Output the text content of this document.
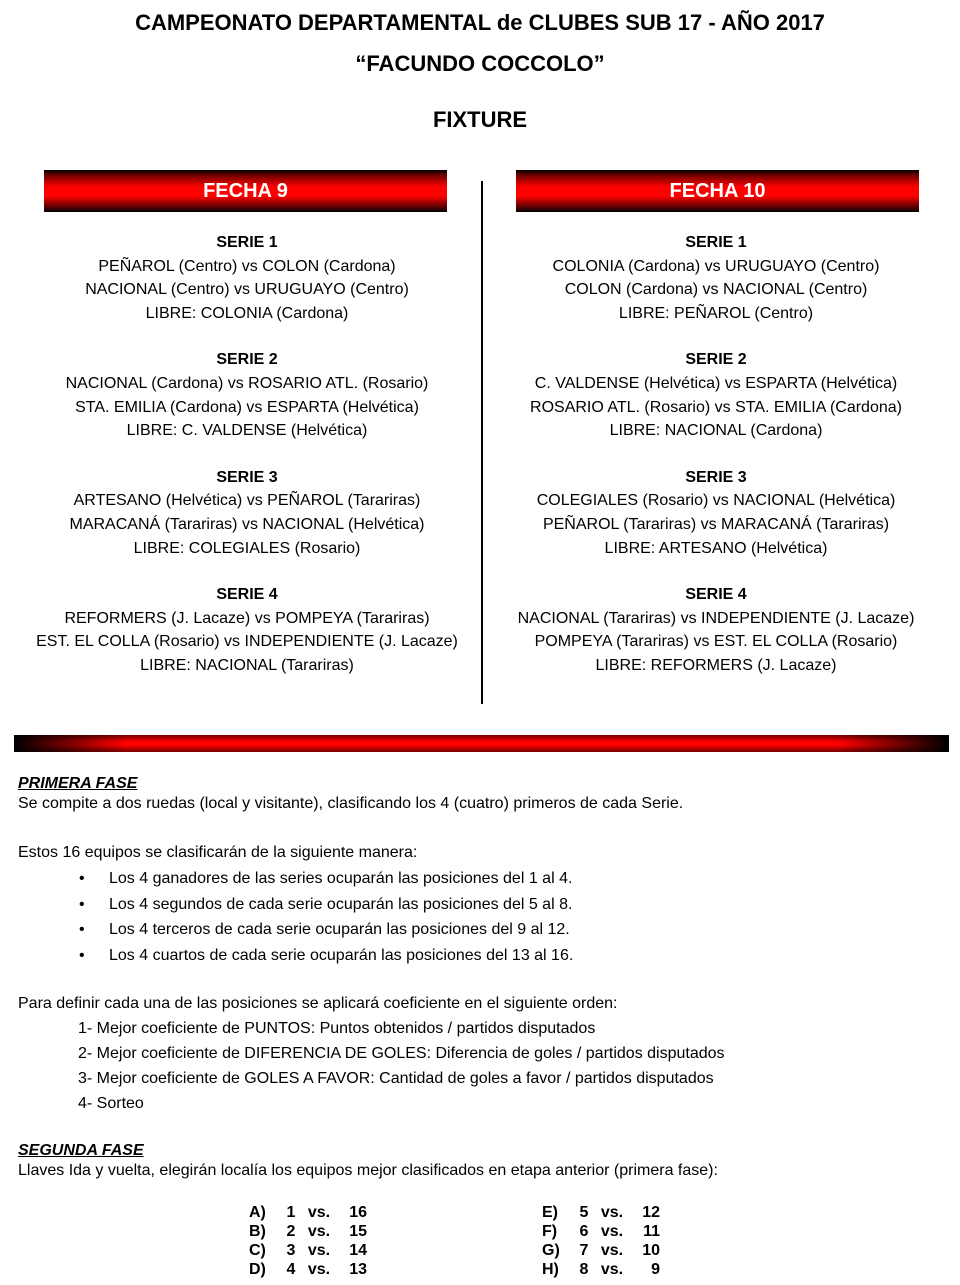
CAMPEONATO DEPARTAMENTAL de CLUBES SUB 17 - AÑO 2017
“FACUNDO COCCOLO”
FIXTURE
FECHA 9	FECHA 10
SERIE 1
PEÑAROL (Centro) vs COLON (Cardona)
NACIONAL (Centro) vs URUGUAYO (Centro)
LIBRE: COLONIA (Cardona)
SERIE 2
NACIONAL (Cardona) vs ROSARIO ATL. (Rosario)
STA. EMILIA (Cardona) vs ESPARTA (Helvética)
LIBRE: C. VALDENSE (Helvética)
SERIE 3
ARTESANO (Helvética) vs PEÑAROL (Tarariras)
MARACANÁ (Tarariras) vs NACIONAL (Helvética)
LIBRE: COLEGIALES (Rosario)
SERIE 4
REFORMERS (J. Lacaze) vs POMPEYA (Tarariras)
EST. EL COLLA (Rosario) vs INDEPENDIENTE (J. Lacaze)
LIBRE: NACIONAL (Tarariras)
SERIE 1
COLONIA (Cardona) vs URUGUAYO (Centro)
COLON (Cardona) vs NACIONAL (Centro)
LIBRE: PEÑAROL (Centro)
SERIE 2
C. VALDENSE (Helvética) vs ESPARTA (Helvética)
ROSARIO ATL. (Rosario) vs STA. EMILIA (Cardona)
LIBRE: NACIONAL (Cardona)
SERIE 3
COLEGIALES (Rosario) vs NACIONAL (Helvética)
PEÑAROL (Tarariras) vs MARACANÁ (Tarariras)
LIBRE: ARTESANO (Helvética)
SERIE 4
NACIONAL (Tarariras) vs INDEPENDIENTE (J. Lacaze)
POMPEYA (Tarariras) vs EST. EL COLLA (Rosario)
LIBRE: REFORMERS (J. Lacaze)
PRIMERA FASE
Se compite a dos ruedas (local y visitante), clasificando los 4 (cuatro) primeros de cada Serie.
Estos 16 equipos se clasificarán de la siguiente manera:
•	Los 4 ganadores de las series ocuparán las posiciones del 1 al 4.
•	Los 4 segundos de cada serie ocuparán las posiciones del 5 al 8.
•	Los 4 terceros de cada serie ocuparán las posiciones del 9 al 12.
•	Los 4 cuartos de cada serie ocuparán las posiciones del 13 al 16.
Para definir cada una de las posiciones se aplicará coeficiente en el siguiente orden:
1- Mejor coeficiente de PUNTOS: Puntos obtenidos / partidos disputados
2- Mejor coeficiente de DIFERENCIA DE GOLES: Diferencia de goles / partidos disputados
3- Mejor coeficiente de GOLES A FAVOR: Cantidad de goles a favor / partidos disputados
4- Sorteo
SEGUNDA FASE
Llaves Ida y vuelta, elegirán localía los equipos mejor clasificados en etapa anterior (primera fase):
A)	1 vs.	16
B)	2 vs.	15
C)	3 vs.	14
D)	4 vs.	13
E)	5 vs.	12
F)	6 vs.	11
G)	7 vs.	10
H)	8 vs.	9
